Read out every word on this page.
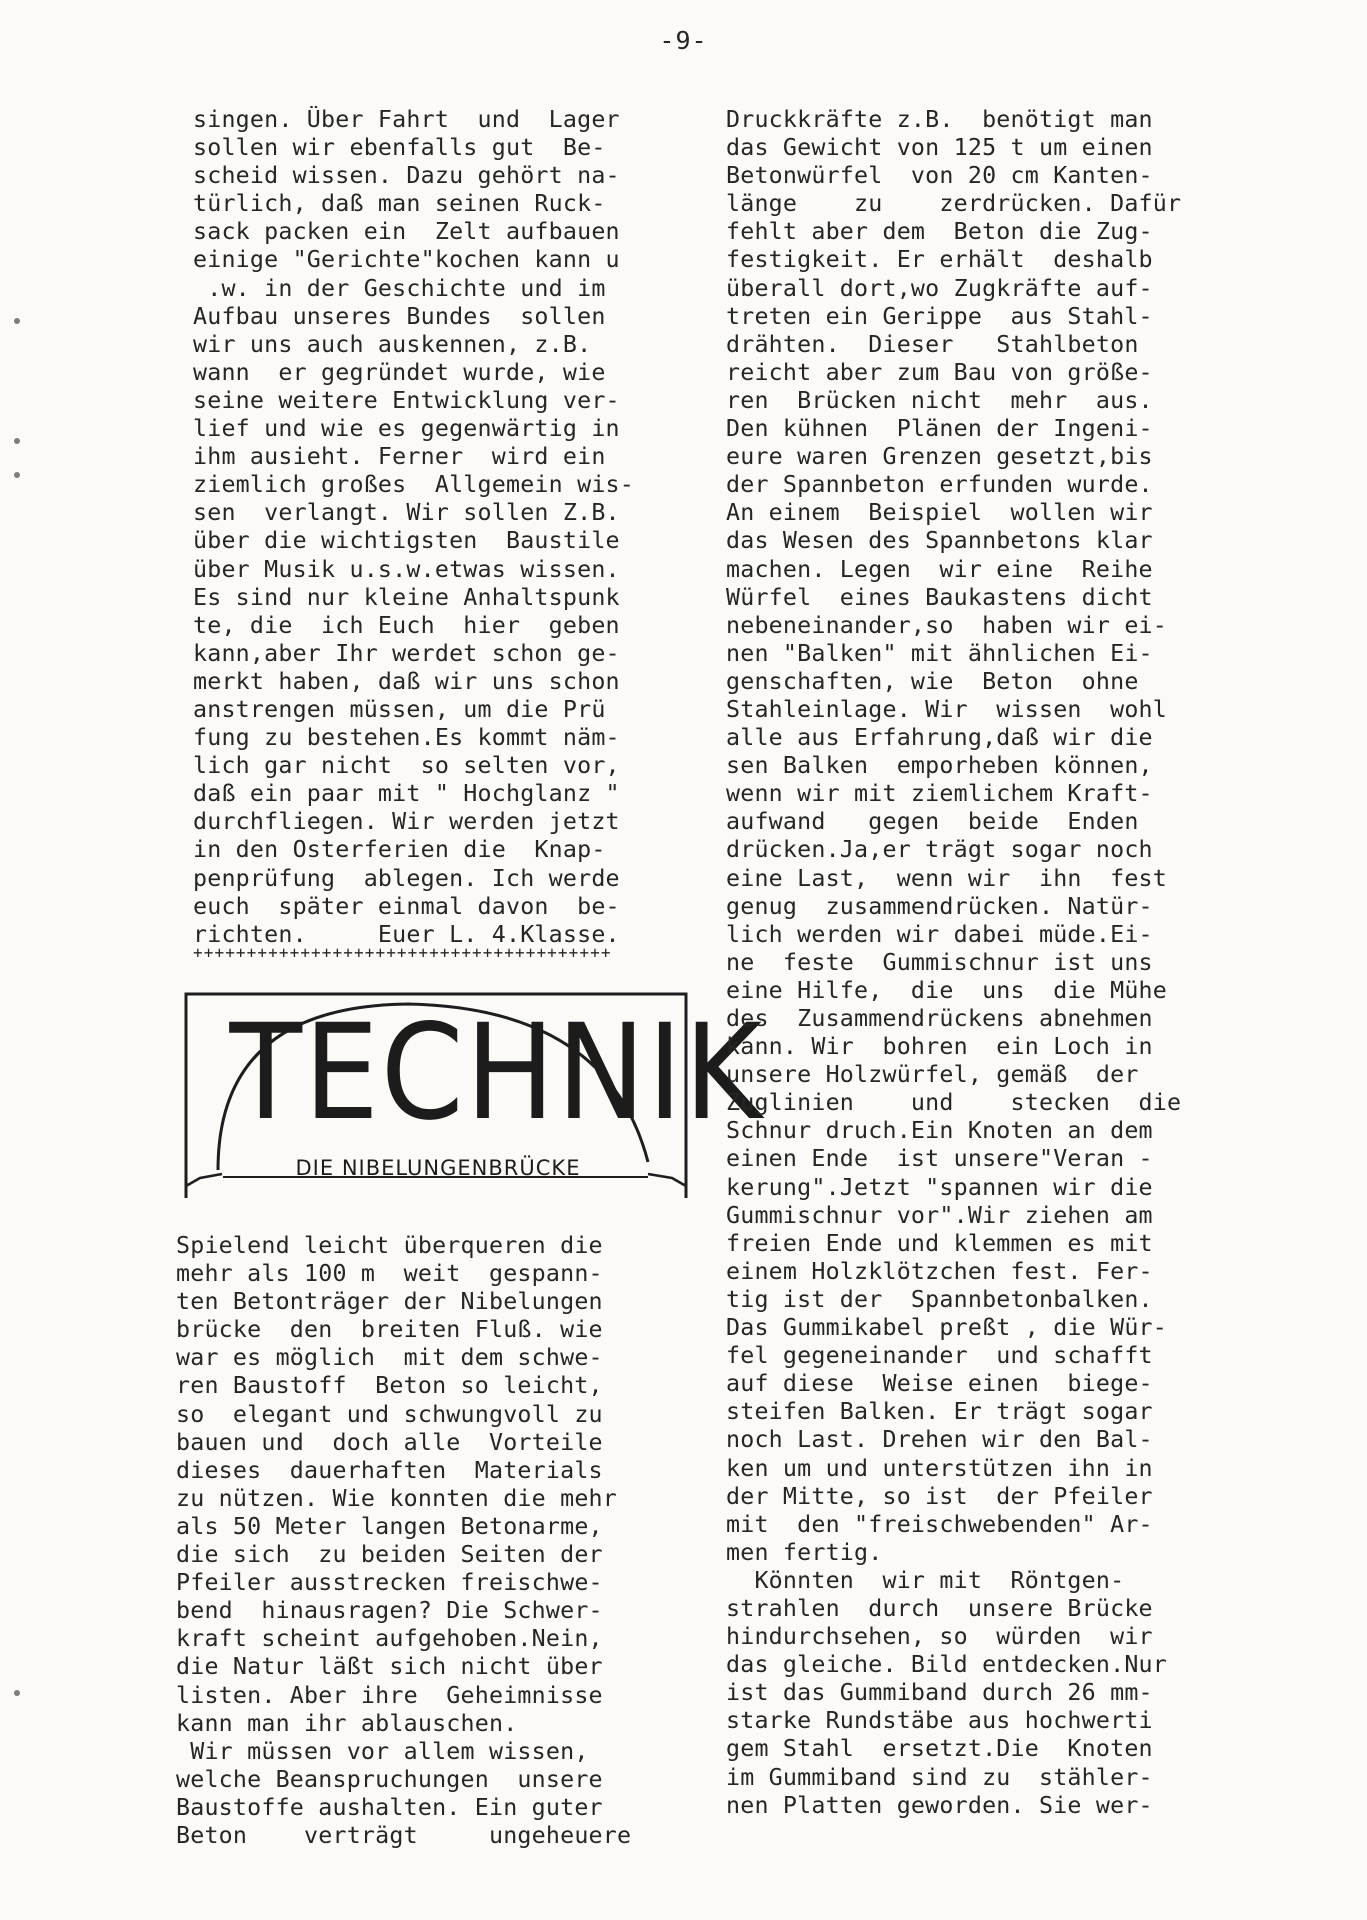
-9-
singen. Über Fahrt  und  Lager
sollen wir ebenfalls gut  Be-
scheid wissen. Dazu gehört na-
türlich, daß man seinen Ruck-
sack packen ein  Zelt aufbauen
einige "Gerichte"kochen kann u
.w. in der Geschichte und im
Aufbau unseres Bundes  sollen
wir uns auch auskennen, z.B.
wann  er gegründet wurde, wie
seine weitere Entwicklung ver-
lief und wie es gegenwärtig in
ihm ausieht. Ferner  wird ein
ziemlich großes  Allgemein wis-
sen  verlangt. Wir sollen Z.B.
über die wichtigsten  Baustile
über Musik u.s.w.etwas wissen.
Es sind nur kleine Anhaltspunk
te, die  ich Euch  hier  geben
kann,aber Ihr werdet schon ge-
merkt haben, daß wir uns schon
anstrengen müssen, um die Prü
fung zu bestehen.Es kommt näm-
lich gar nicht  so selten vor,
daß ein paar mit " Hochglanz "
durchfliegen. Wir werden jetzt
in den Osterferien die  Knap-
penprüfung  ablegen. Ich werde
euch  später einmal davon  be-
richten.     Euer L. 4.Klasse.
+++++++++++++++++++++++++++++++++++++++
TECHNIK
DIE NIBELUNGENBRÜCKE
Spielend leicht überqueren die
mehr als 100 m  weit  gespann-
ten Betonträger der Nibelungen
brücke  den  breiten Fluß. wie
war es möglich  mit dem schwe-
ren Baustoff  Beton so leicht,
so  elegant und schwungvoll zu
bauen und  doch alle  Vorteile
dieses  dauerhaften  Materials
zu nützen. Wie konnten die mehr
als 50 Meter langen Betonarme,
die sich  zu beiden Seiten der
Pfeiler ausstrecken freischwe-
bend  hinausragen? Die Schwer-
kraft scheint aufgehoben.Nein,
die Natur läßt sich nicht über
listen. Aber ihre  Geheimnisse
kann man ihr ablauschen.
Wir müssen vor allem wissen,
welche Beanspruchungen  unsere
Baustoffe aushalten. Ein guter
Beton    verträgt     ungeheuere
Druckkräfte z.B.  benötigt man
das Gewicht von 125 t um einen
Betonwürfel  von 20 cm Kanten-
länge    zu    zerdrücken. Dafür
fehlt aber dem  Beton die Zug-
festigkeit. Er erhält  deshalb
überall dort,wo Zugkräfte auf-
treten ein Gerippe  aus Stahl-
drähten.  Dieser   Stahlbeton
reicht aber zum Bau von größe-
ren  Brücken nicht  mehr  aus.
Den kühnen  Plänen der Ingeni-
eure waren Grenzen gesetzt,bis
der Spannbeton erfunden wurde.
An einem  Beispiel  wollen wir
das Wesen des Spannbetons klar
machen. Legen  wir eine  Reihe
Würfel  eines Baukastens dicht
nebeneinander,so  haben wir ei-
nen "Balken" mit ähnlichen Ei-
genschaften, wie  Beton  ohne
Stahleinlage. Wir  wissen  wohl
alle aus Erfahrung,daß wir die
sen Balken  emporheben können,
wenn wir mit ziemlichem Kraft-
aufwand   gegen  beide  Enden
drücken.Ja,er trägt sogar noch
eine Last,  wenn wir  ihn  fest
genug  zusammendrücken. Natür-
lich werden wir dabei müde.Ei-
ne  feste  Gummischnur ist uns
eine Hilfe,  die  uns  die Mühe
des  Zusammendrückens abnehmen
kann. Wir  bohren  ein Loch in
unsere Holzwürfel, gemäß  der
Zuglinien    und    stecken  die
Schnur druch.Ein Knoten an dem
einen Ende  ist unsere"Veran -
kerung".Jetzt "spannen wir die
Gummischnur vor".Wir ziehen am
freien Ende und klemmen es mit
einem Holzklötzchen fest. Fer-
tig ist der  Spannbetonbalken.
Das Gummikabel preßt , die Wür-
fel gegeneinander  und schafft
auf diese  Weise einen  biege-
steifen Balken. Er trägt sogar
noch Last. Drehen wir den Bal-
ken um und unterstützen ihn in
der Mitte, so ist  der Pfeiler
mit  den "freischwebenden" Ar-
men fertig.
Könnten  wir mit  Röntgen-
strahlen  durch  unsere Brücke
hindurchsehen, so  würden  wir
das gleiche. Bild entdecken.Nur
ist das Gummiband durch 26 mm-
starke Rundstäbe aus hochwerti
gem Stahl  ersetzt.Die  Knoten
im Gummiband sind zu  stähler-
nen Platten geworden. Sie wer-
